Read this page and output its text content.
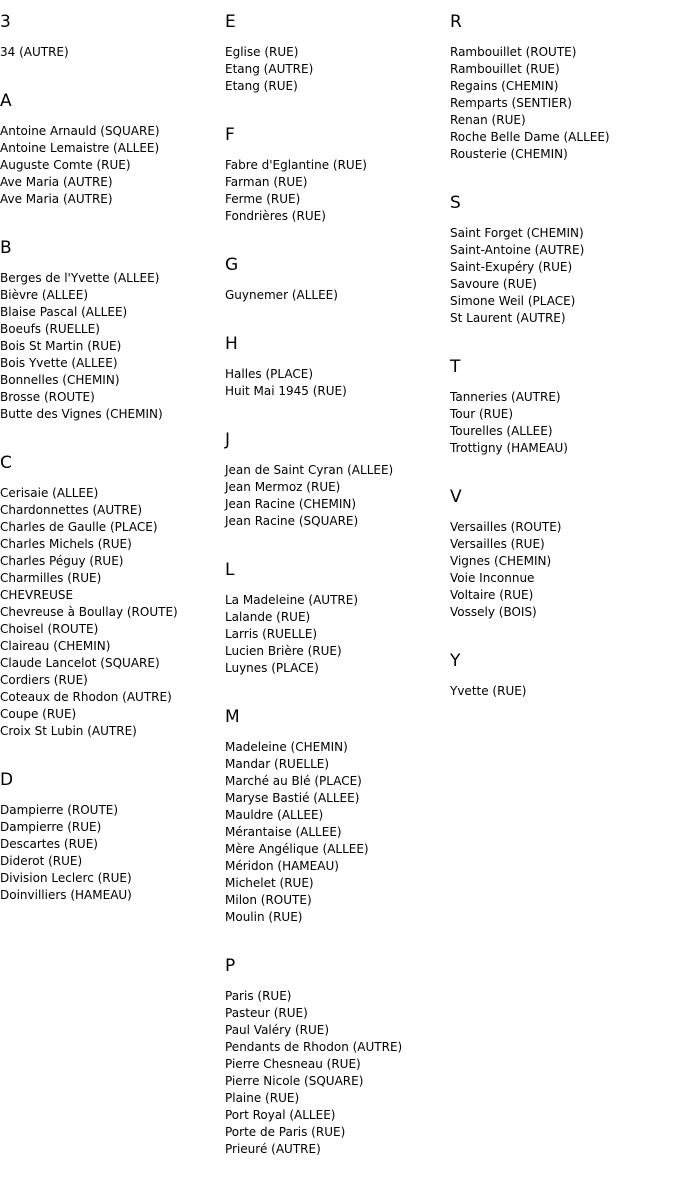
3
34 (AUTRE)
A
Antoine Arnauld (SQUARE)
Antoine Lemaistre (ALLEE)
Auguste Comte (RUE)
Ave Maria (AUTRE)
Ave Maria (AUTRE)
B
Berges de l'Yvette (ALLEE)
Bièvre (ALLEE)
Blaise Pascal (ALLEE)
Boeufs (RUELLE)
Bois St Martin (RUE)
Bois Yvette (ALLEE)
Bonnelles (CHEMIN)
Brosse (ROUTE)
Butte des Vignes (CHEMIN)
C
Cerisaie (ALLEE)
Chardonnettes (AUTRE)
Charles de Gaulle (PLACE)
Charles Michels (RUE)
Charles Péguy (RUE)
Charmilles (RUE)
CHEVREUSE
Chevreuse à Boullay (ROUTE)
Choisel (ROUTE)
Claireau (CHEMIN)
Claude Lancelot (SQUARE)
Cordiers (RUE)
Coteaux de Rhodon (AUTRE)
Coupe (RUE)
Croix St Lubin (AUTRE)
D
Dampierre (ROUTE)
Dampierre (RUE)
Descartes (RUE)
Diderot (RUE)
Division Leclerc (RUE)
Doinvilliers (HAMEAU)
E
Eglise (RUE)
Etang (AUTRE)
Etang (RUE)
F
Fabre d'Eglantine (RUE)
Farman (RUE)
Ferme (RUE)
Fondrières (RUE)
G
Guynemer (ALLEE)
H
Halles (PLACE)
Huit Mai 1945 (RUE)
J
Jean de Saint Cyran (ALLEE)
Jean Mermoz (RUE)
Jean Racine (CHEMIN)
Jean Racine (SQUARE)
L
La Madeleine (AUTRE)
Lalande (RUE)
Larris (RUELLE)
Lucien Brière (RUE)
Luynes (PLACE)
M
Madeleine (CHEMIN)
Mandar (RUELLE)
Marché au Blé (PLACE)
Maryse Bastié (ALLEE)
Mauldre (ALLEE)
Mérantaise (ALLEE)
Mère Angélique (ALLEE)
Méridon (HAMEAU)
Michelet (RUE)
Milon (ROUTE)
Moulin (RUE)
P
Paris (RUE)
Pasteur (RUE)
Paul Valéry (RUE)
Pendants de Rhodon (AUTRE)
Pierre Chesneau (RUE)
Pierre Nicole (SQUARE)
Plaine (RUE)
Port Royal (ALLEE)
Porte de Paris (RUE)
Prieuré (AUTRE)
R
Rambouillet (ROUTE)
Rambouillet (RUE)
Regains (CHEMIN)
Remparts (SENTIER)
Renan (RUE)
Roche Belle Dame (ALLEE)
Rousterie (CHEMIN)
S
Saint Forget (CHEMIN)
Saint-Antoine (AUTRE)
Saint-Exupéry (RUE)
Savoure (RUE)
Simone Weil (PLACE)
St Laurent (AUTRE)
T
Tanneries (AUTRE)
Tour (RUE)
Tourelles (ALLEE)
Trottigny (HAMEAU)
V
Versailles (ROUTE)
Versailles (RUE)
Vignes (CHEMIN)
Voie Inconnue
Voltaire (RUE)
Vossely (BOIS)
Y
Yvette (RUE)
